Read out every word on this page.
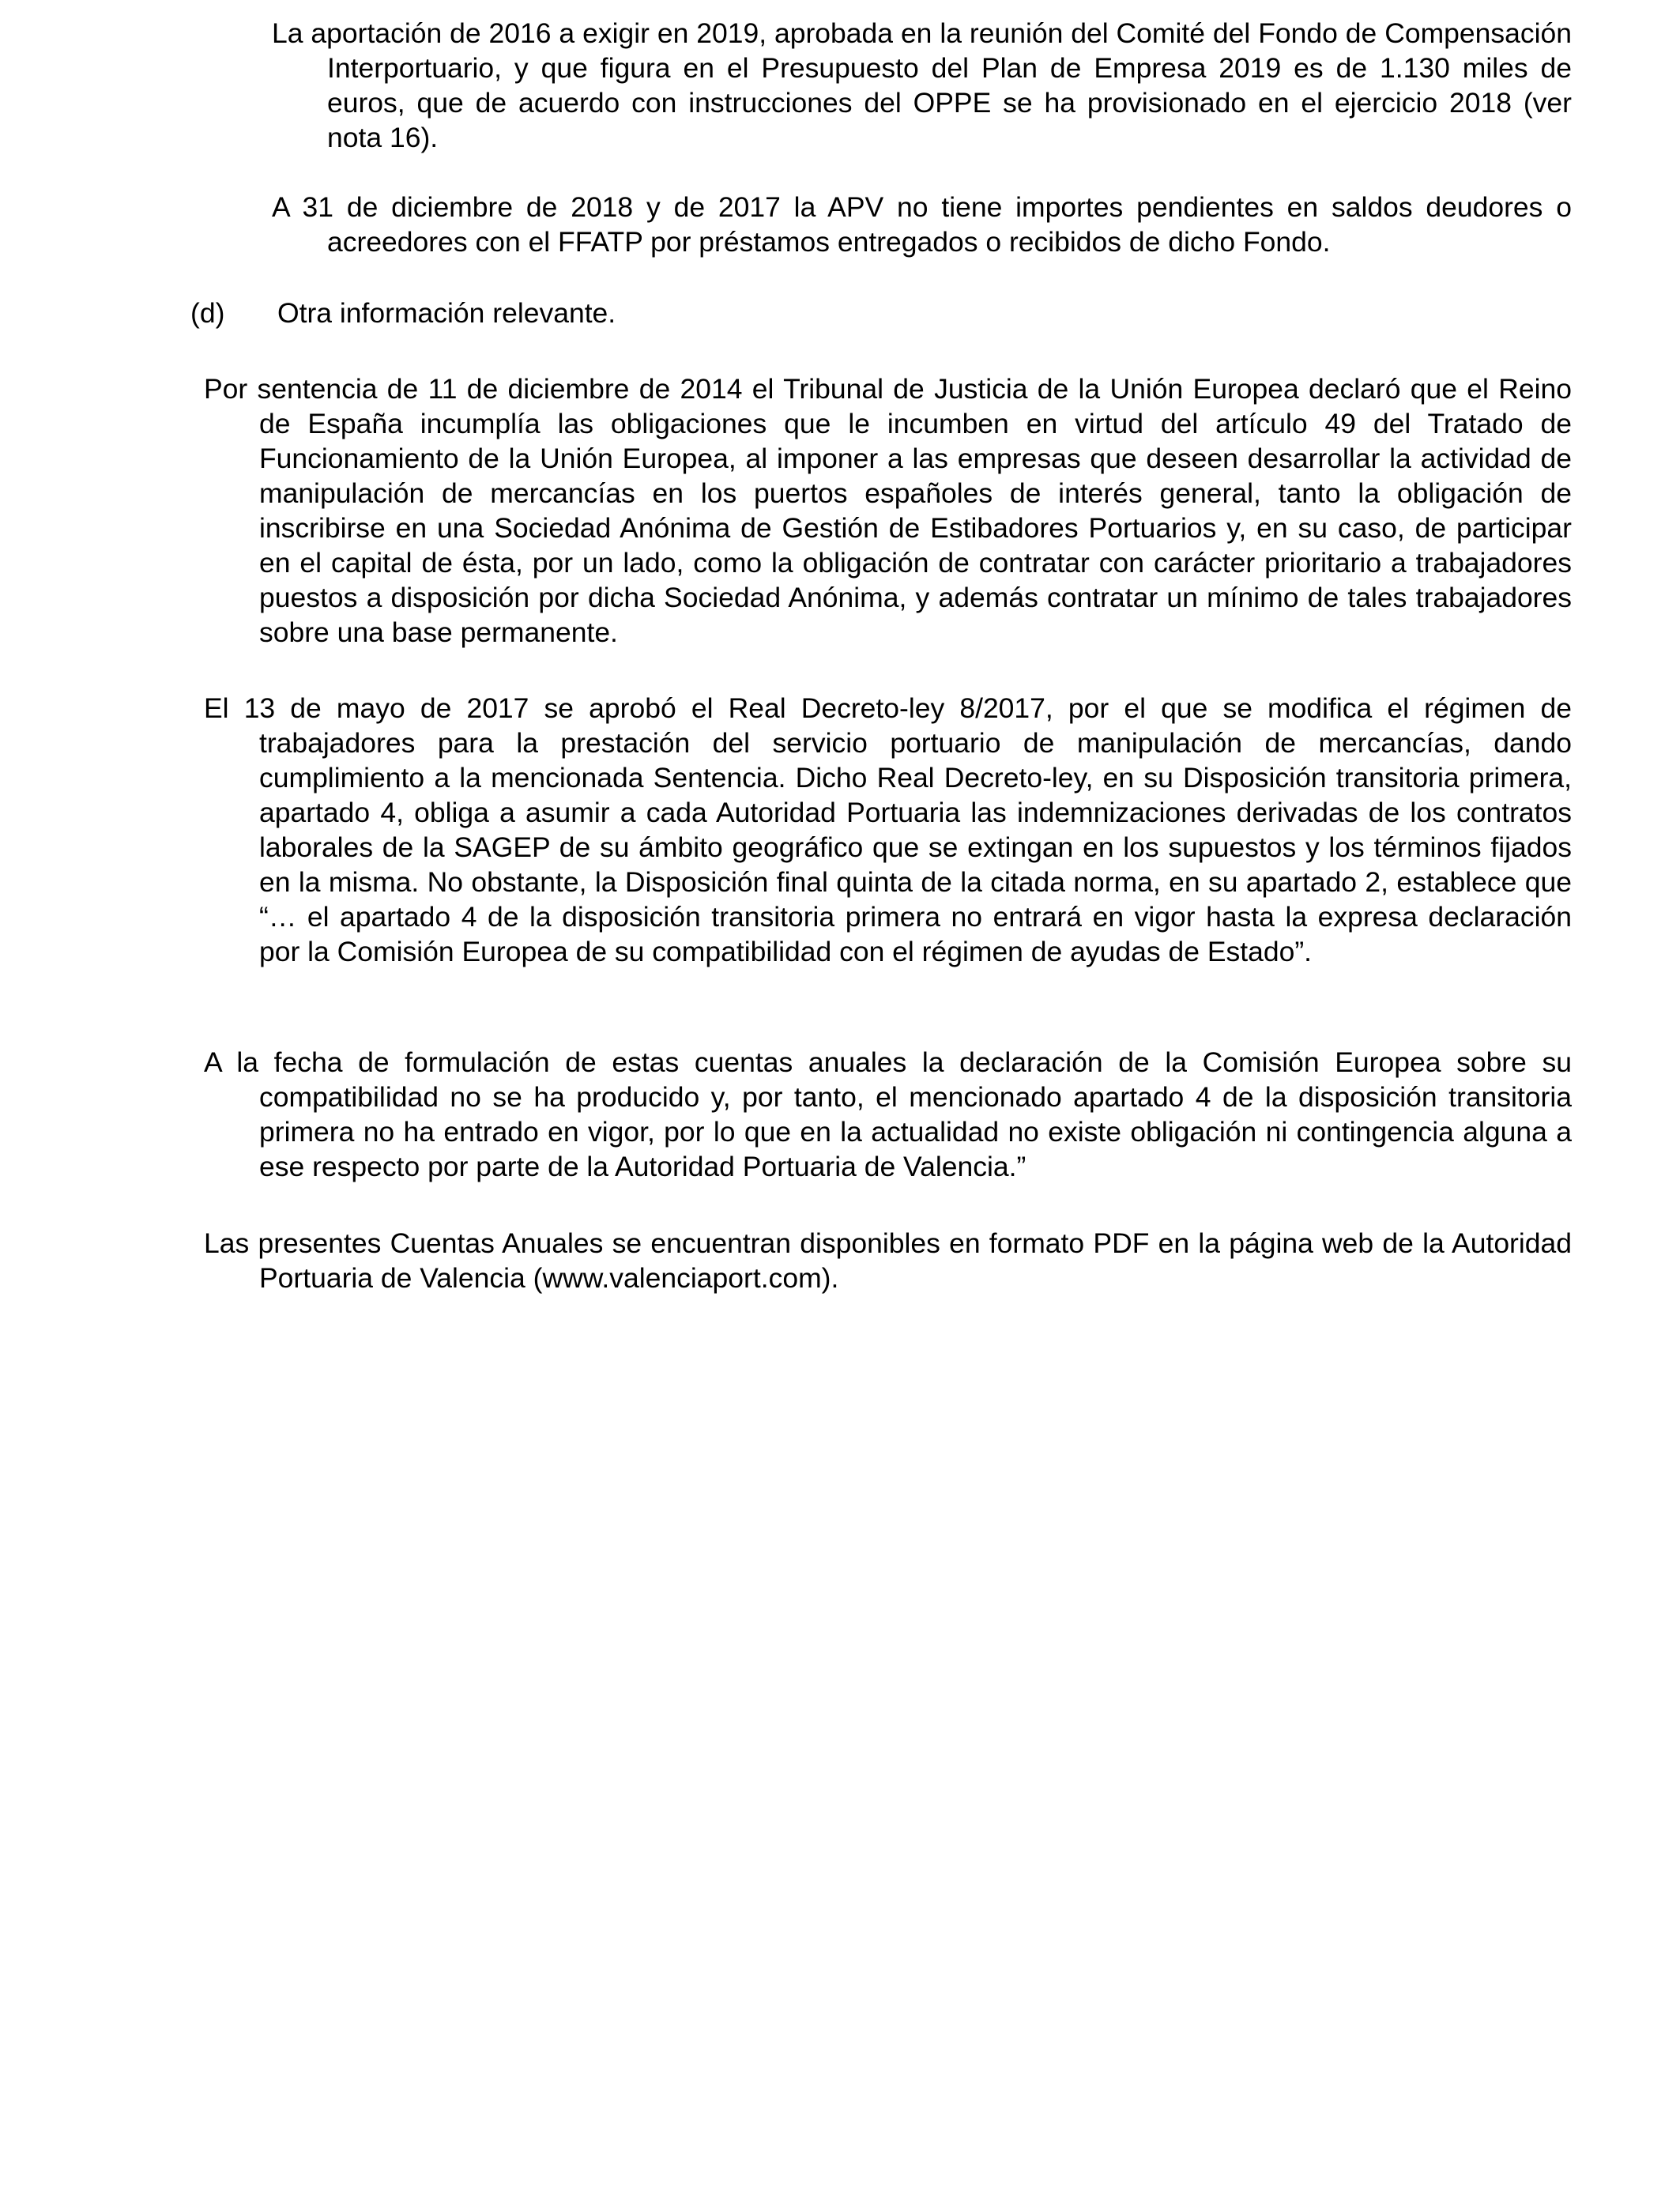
La aportación de 2016 a exigir en 2019, aprobada en la reunión del Comité del Fondo de Compensación Interportuario, y que figura en el Presupuesto del Plan de Empresa 2019 es de 1.130 miles de euros, que de acuerdo con instrucciones del OPPE se ha provisionado en el ejercicio 2018 (ver nota 16).

A 31 de diciembre de 2018 y de 2017 la APV no tiene importes pendientes en saldos deudores o acreedores con el FFATP por préstamos entregados o recibidos de dicho Fondo.

(d) Otra información relevante.

Por sentencia de 11 de diciembre de 2014 el Tribunal de Justicia de la Unión Europea declaró que el Reino de España incumplía las obligaciones que le incumben en virtud del artículo 49 del Tratado de Funcionamiento de la Unión Europea, al imponer a las empresas que deseen desarrollar la actividad de manipulación de mercancías en los puertos españoles de interés general, tanto la obligación de inscribirse en una Sociedad Anónima de Gestión de Estibadores Portuarios y, en su caso, de participar en el capital de ésta, por un lado, como la obligación de contratar con carácter prioritario a trabajadores puestos a disposición por dicha Sociedad Anónima, y además contratar un mínimo de tales trabajadores sobre una base permanente.

El 13 de mayo de 2017 se aprobó el Real Decreto-ley 8/2017, por el que se modifica el régimen de trabajadores para la prestación del servicio portuario de manipulación de mercancías, dando cumplimiento a la mencionada Sentencia. Dicho Real Decreto-ley, en su Disposición transitoria primera, apartado 4, obliga a asumir a cada Autoridad Portuaria las indemnizaciones derivadas de los contratos laborales de la SAGEP de su ámbito geográfico que se extingan en los supuestos y los términos fijados en la misma. No obstante, la Disposición final quinta de la citada norma, en su apartado 2, establece que “… el apartado 4 de la disposición transitoria primera no entrará en vigor hasta la expresa declaración por la Comisión Europea de su compatibilidad con el régimen de ayudas de Estado”.

A la fecha de formulación de estas cuentas anuales la declaración de la Comisión Europea sobre su compatibilidad no se ha producido y, por tanto, el mencionado apartado 4 de la disposición transitoria primera no ha entrado en vigor, por lo que en la actualidad no existe obligación ni contingencia alguna a ese respecto por parte de la Autoridad Portuaria de Valencia.”

Las presentes Cuentas Anuales se encuentran disponibles en formato PDF en la página web de la Autoridad Portuaria de Valencia (www.valenciaport.com).
